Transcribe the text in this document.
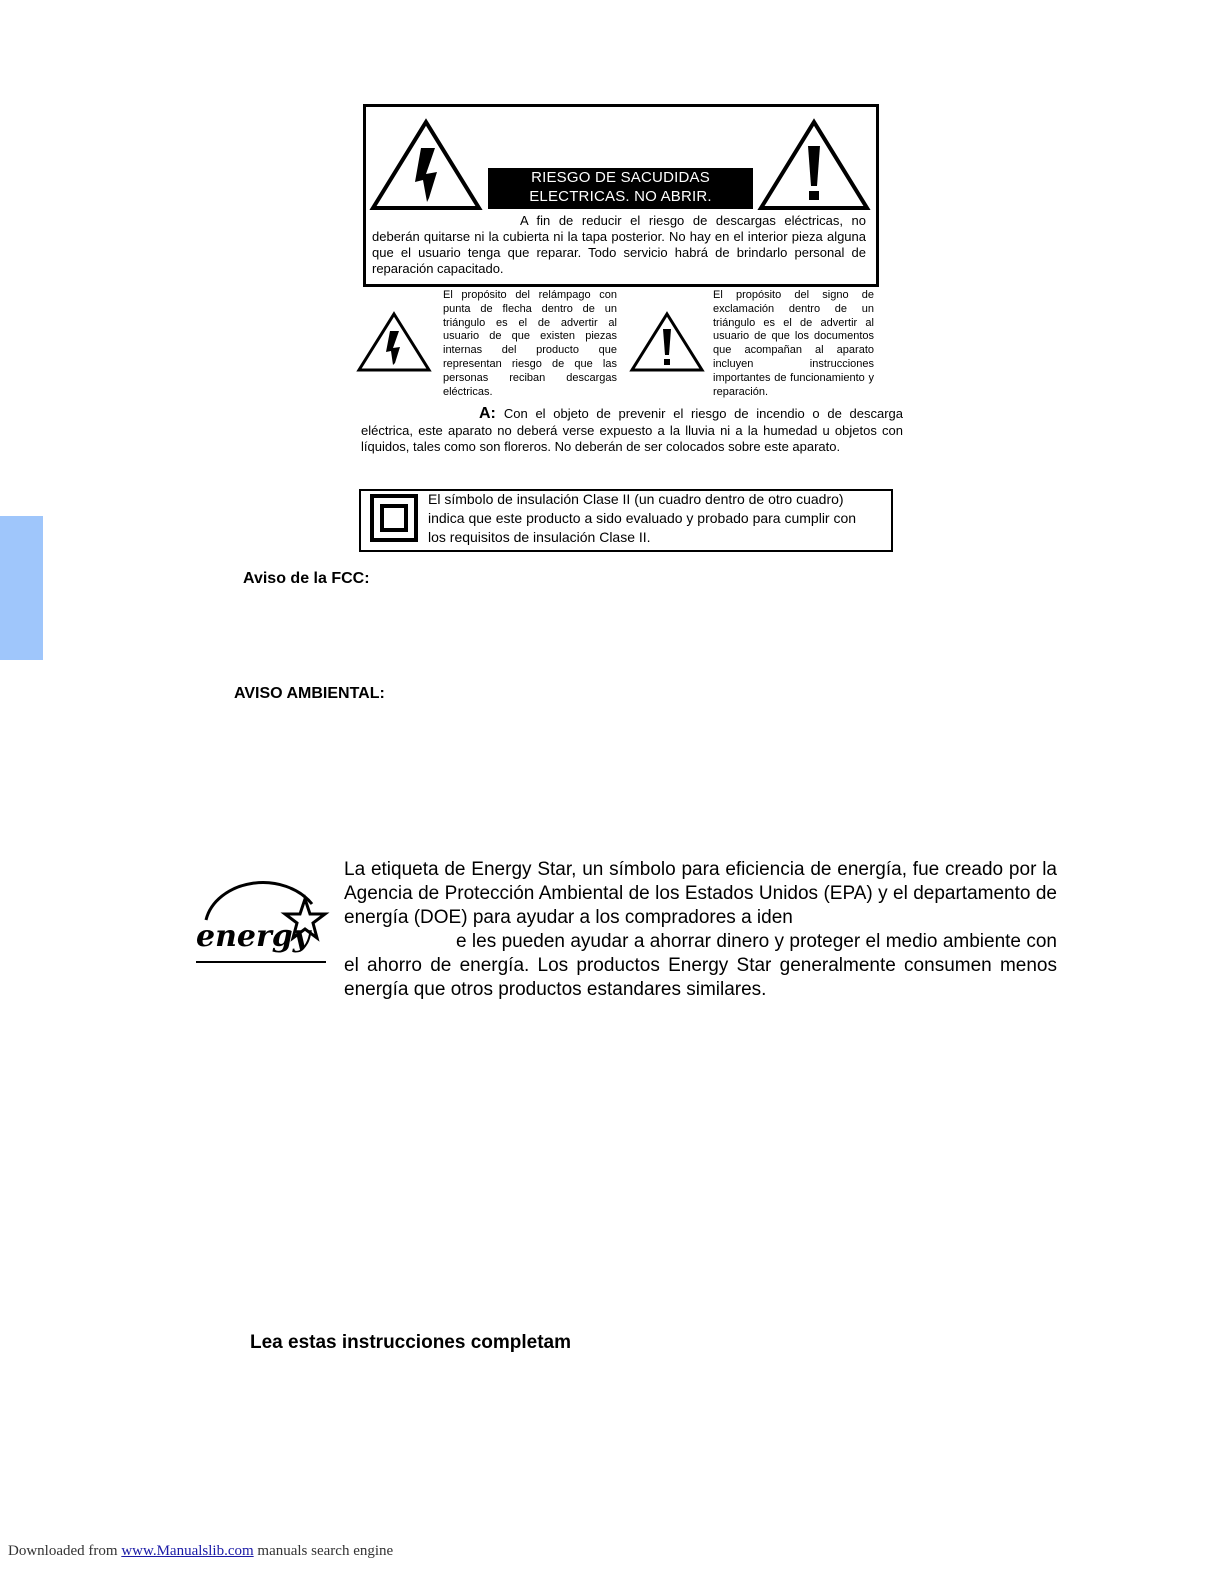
RIESGO DE SACUDIDAS
ELECTRICAS. NO ABRIR.
A fin de reducir el riesgo de descargas eléctricas, no deberán quitarse ni la cubierta ni la tapa posterior. No hay en el interior pieza alguna que el usuario tenga que reparar. Todo servicio habrá de brindarlo personal de reparación capacitado.
El propósito del relámpago con punta de flecha dentro de un triángulo es el de advertir al usuario de que existen piezas internas del producto que representan riesgo de que las personas reciban descargas eléctricas.
El propósito del signo de exclamación dentro de un triángulo es el de advertir al usuario de que los documentos que acompañan al aparato incluyen instrucciones importantes de funcionamiento y reparación.
A: Con el objeto de prevenir el riesgo de incendio o de descarga eléctrica, este aparato no deberá verse expuesto a la lluvia ni a la humedad u objetos con líquidos, tales como son floreros. No deberán de ser colocados sobre este aparato.
El símbolo de insulación Clase II (un cuadro dentro de otro cuadro)
indica que este producto a sido evaluado y probado para cumplir con
los requisitos de insulación Clase II.
Aviso de la FCC:
AVISO AMBIENTAL:
energy
La etiqueta de Energy Star, un símbolo para eficiencia de energía, fue creado por la Agencia de Protección Ambiental de los Estados Unidos (EPA) y el departamento de energía (DOE) para ayudar a los compradores a iden
e les pueden ayudar a ahorrar dinero y proteger el medio ambiente con el ahorro de energía. Los productos Energy Star generalmente consumen menos energía que otros productos estandares similares.
Lea estas instrucciones completam
Downloaded from www.Manualslib.com manuals search engine
